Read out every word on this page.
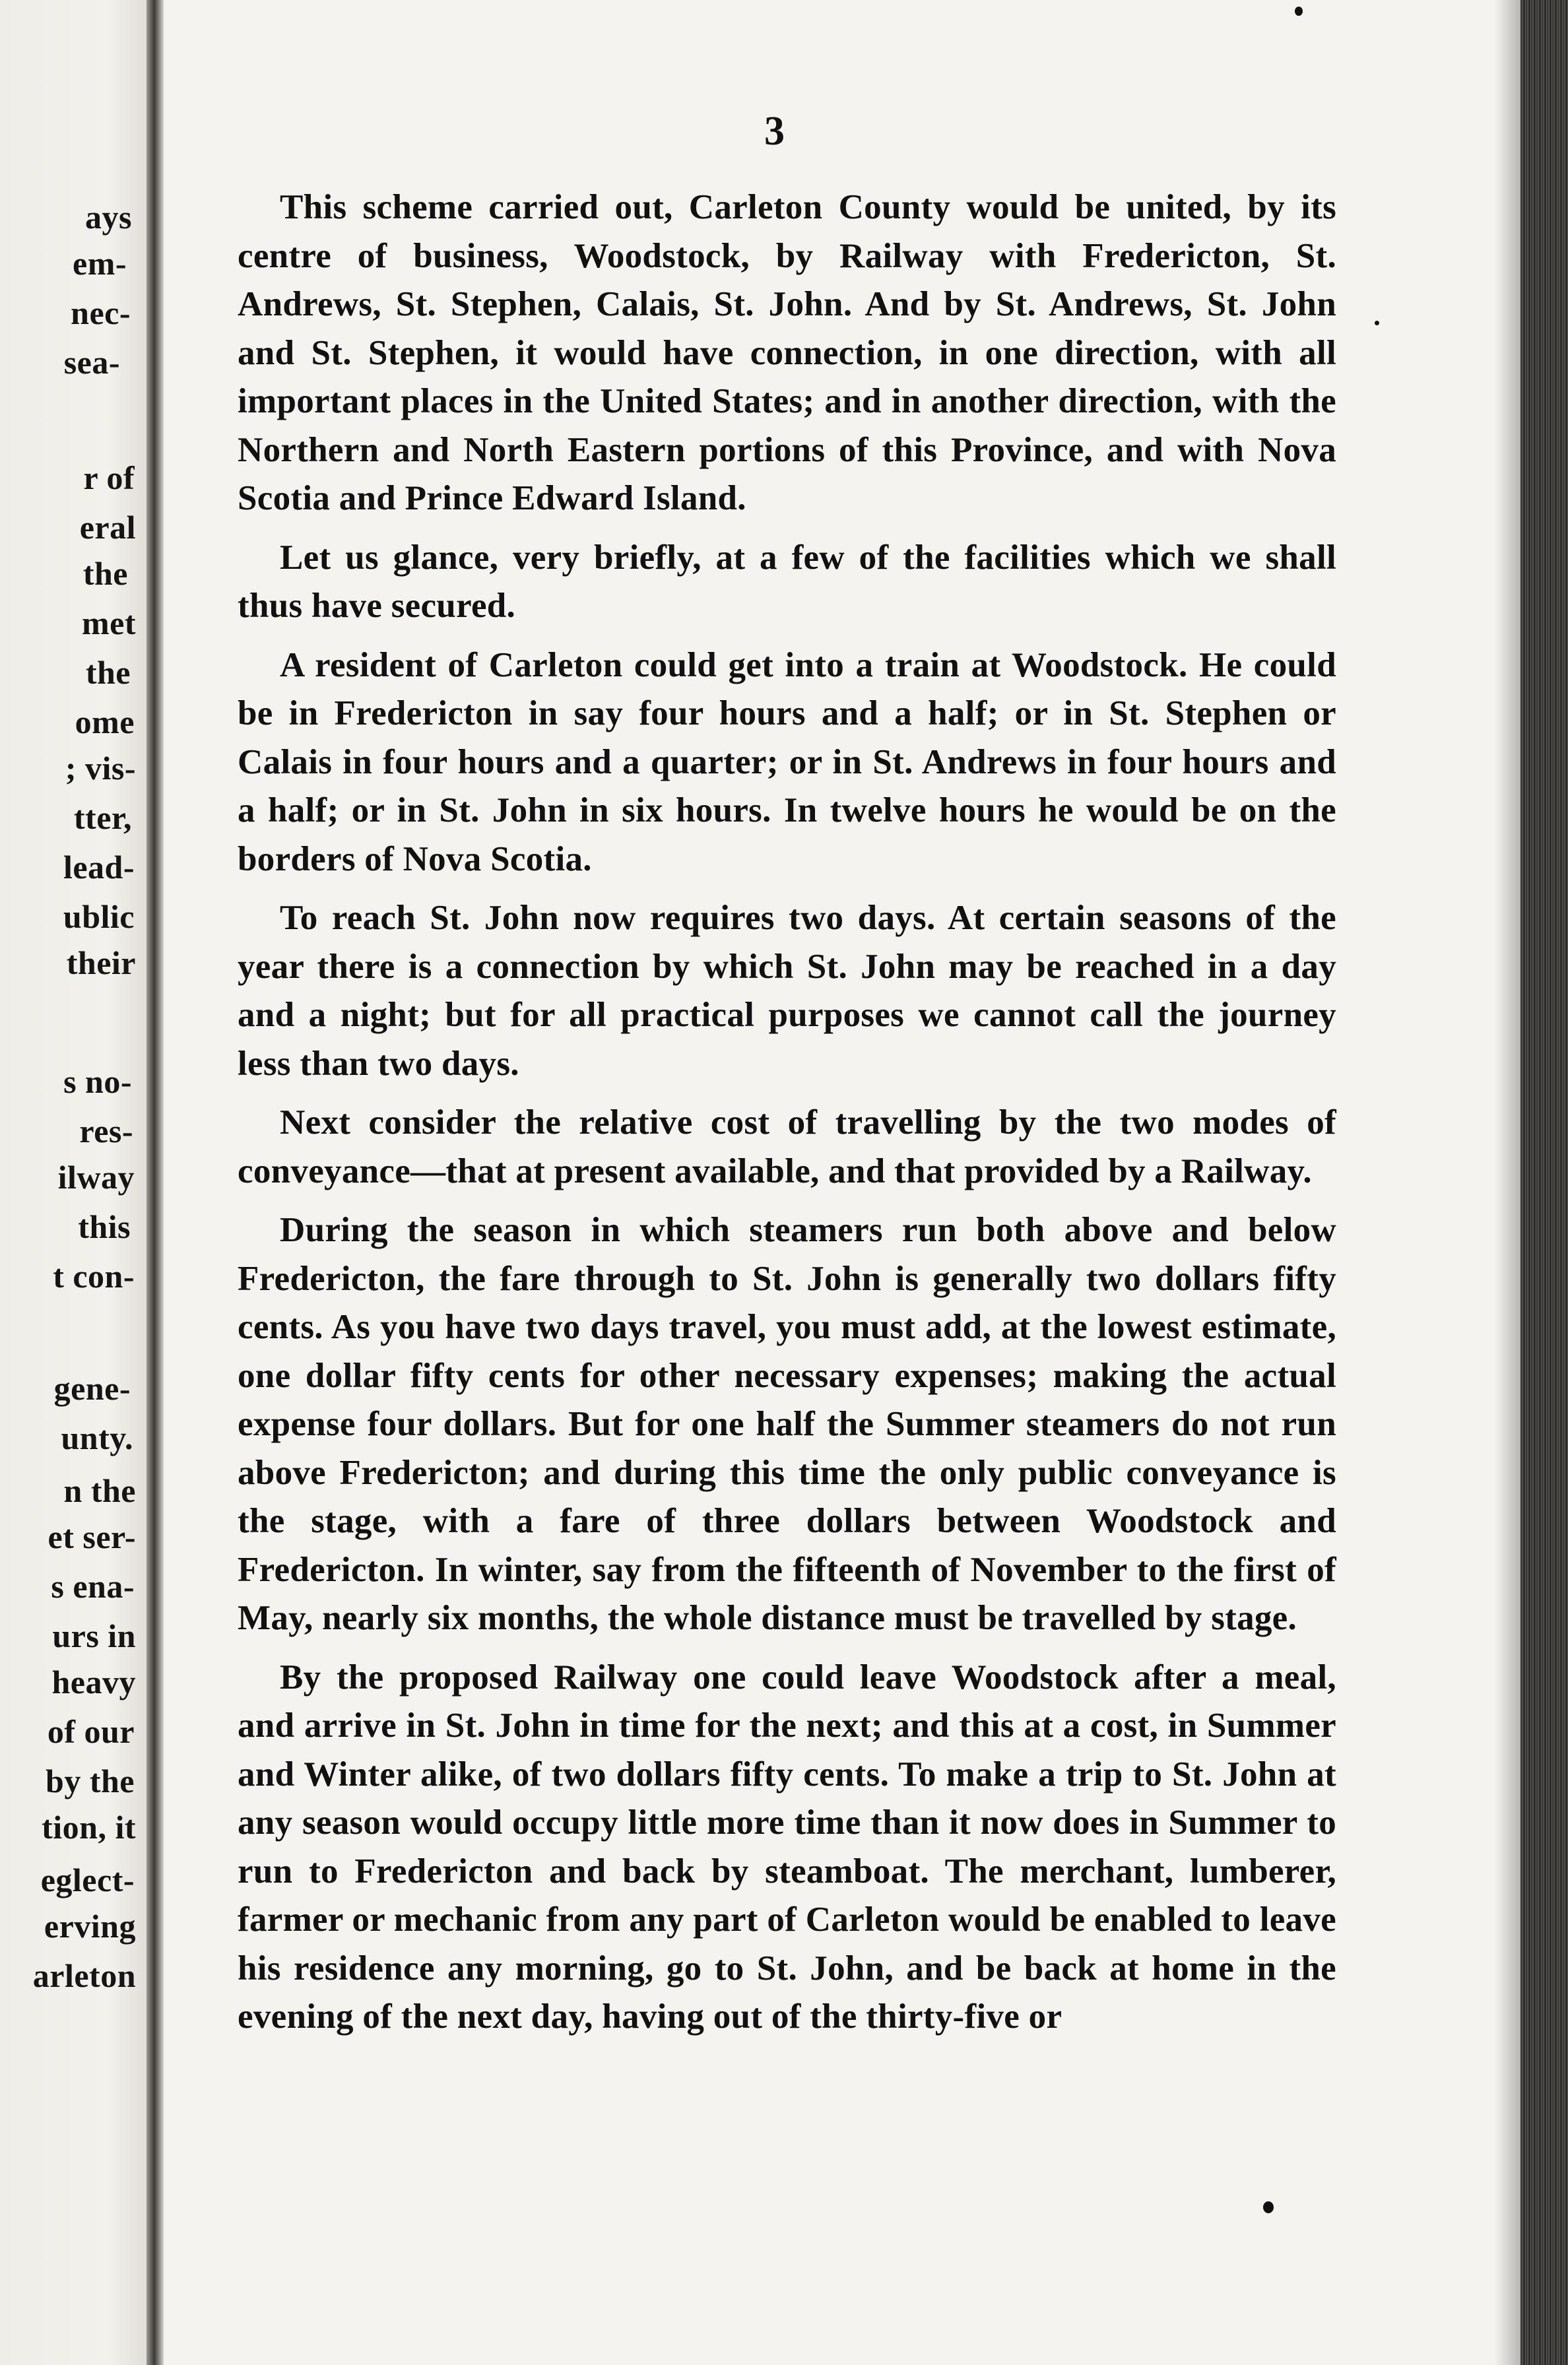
ays
em-
nec-
sea-
r of
eral
the
met
the
ome
; vis-
tter,
lead-
ublic
their
s no-
res-
ilway
this
t con-
gene-
unty.
n the
et ser-
s ena-
urs in
heavy
of our
by the
tion, it
eglect-
erving
arleton
3

This scheme carried out, Carleton County would be united, by its centre of business, Woodstock, by Railway with Fredericton, St. Andrews, St. Stephen, Calais, St. John. And by St. Andrews, St. John and St. Stephen, it would have connection, in one direction, with all important places in the United States; and in another direction, with the Northern and North Eastern portions of this Province, and with Nova Scotia and Prince Edward Island.

Let us glance, very briefly, at a few of the facilities which we shall thus have secured.

A resident of Carleton could get into a train at Woodstock. He could be in Fredericton in say four hours and a half; or in St. Stephen or Calais in four hours and a quarter; or in St. Andrews in four hours and a half; or in St. John in six hours. In twelve hours he would be on the borders of Nova Scotia.

To reach St. John now requires two days. At certain seasons of the year there is a connection by which St. John may be reached in a day and a night; but for all practical purposes we cannot call the journey less than two days.

Next consider the relative cost of travelling by the two modes of conveyance—that at present available, and that provided by a Railway.

During the season in which steamers run both above and below Fredericton, the fare through to St. John is generally two dollars fifty cents. As you have two days travel, you must add, at the lowest estimate, one dollar fifty cents for other necessary expenses; making the actual expense four dollars. But for one half the Summer steamers do not run above Fredericton; and during this time the only public conveyance is the stage, with a fare of three dollars between Woodstock and Fredericton. In winter, say from the fifteenth of November to the first of May, nearly six months, the whole distance must be travelled by stage.

By the proposed Railway one could leave Woodstock after a meal, and arrive in St. John in time for the next; and this at a cost, in Summer and Winter alike, of two dollars fifty cents. To make a trip to St. John at any season would occupy little more time than it now does in Summer to run to Fredericton and back by steamboat. The merchant, lumberer, farmer or mechanic from any part of Carleton would be enabled to leave his residence any morning, go to St. John, and be back at home in the evening of the next day, having out of the thirty-five or
